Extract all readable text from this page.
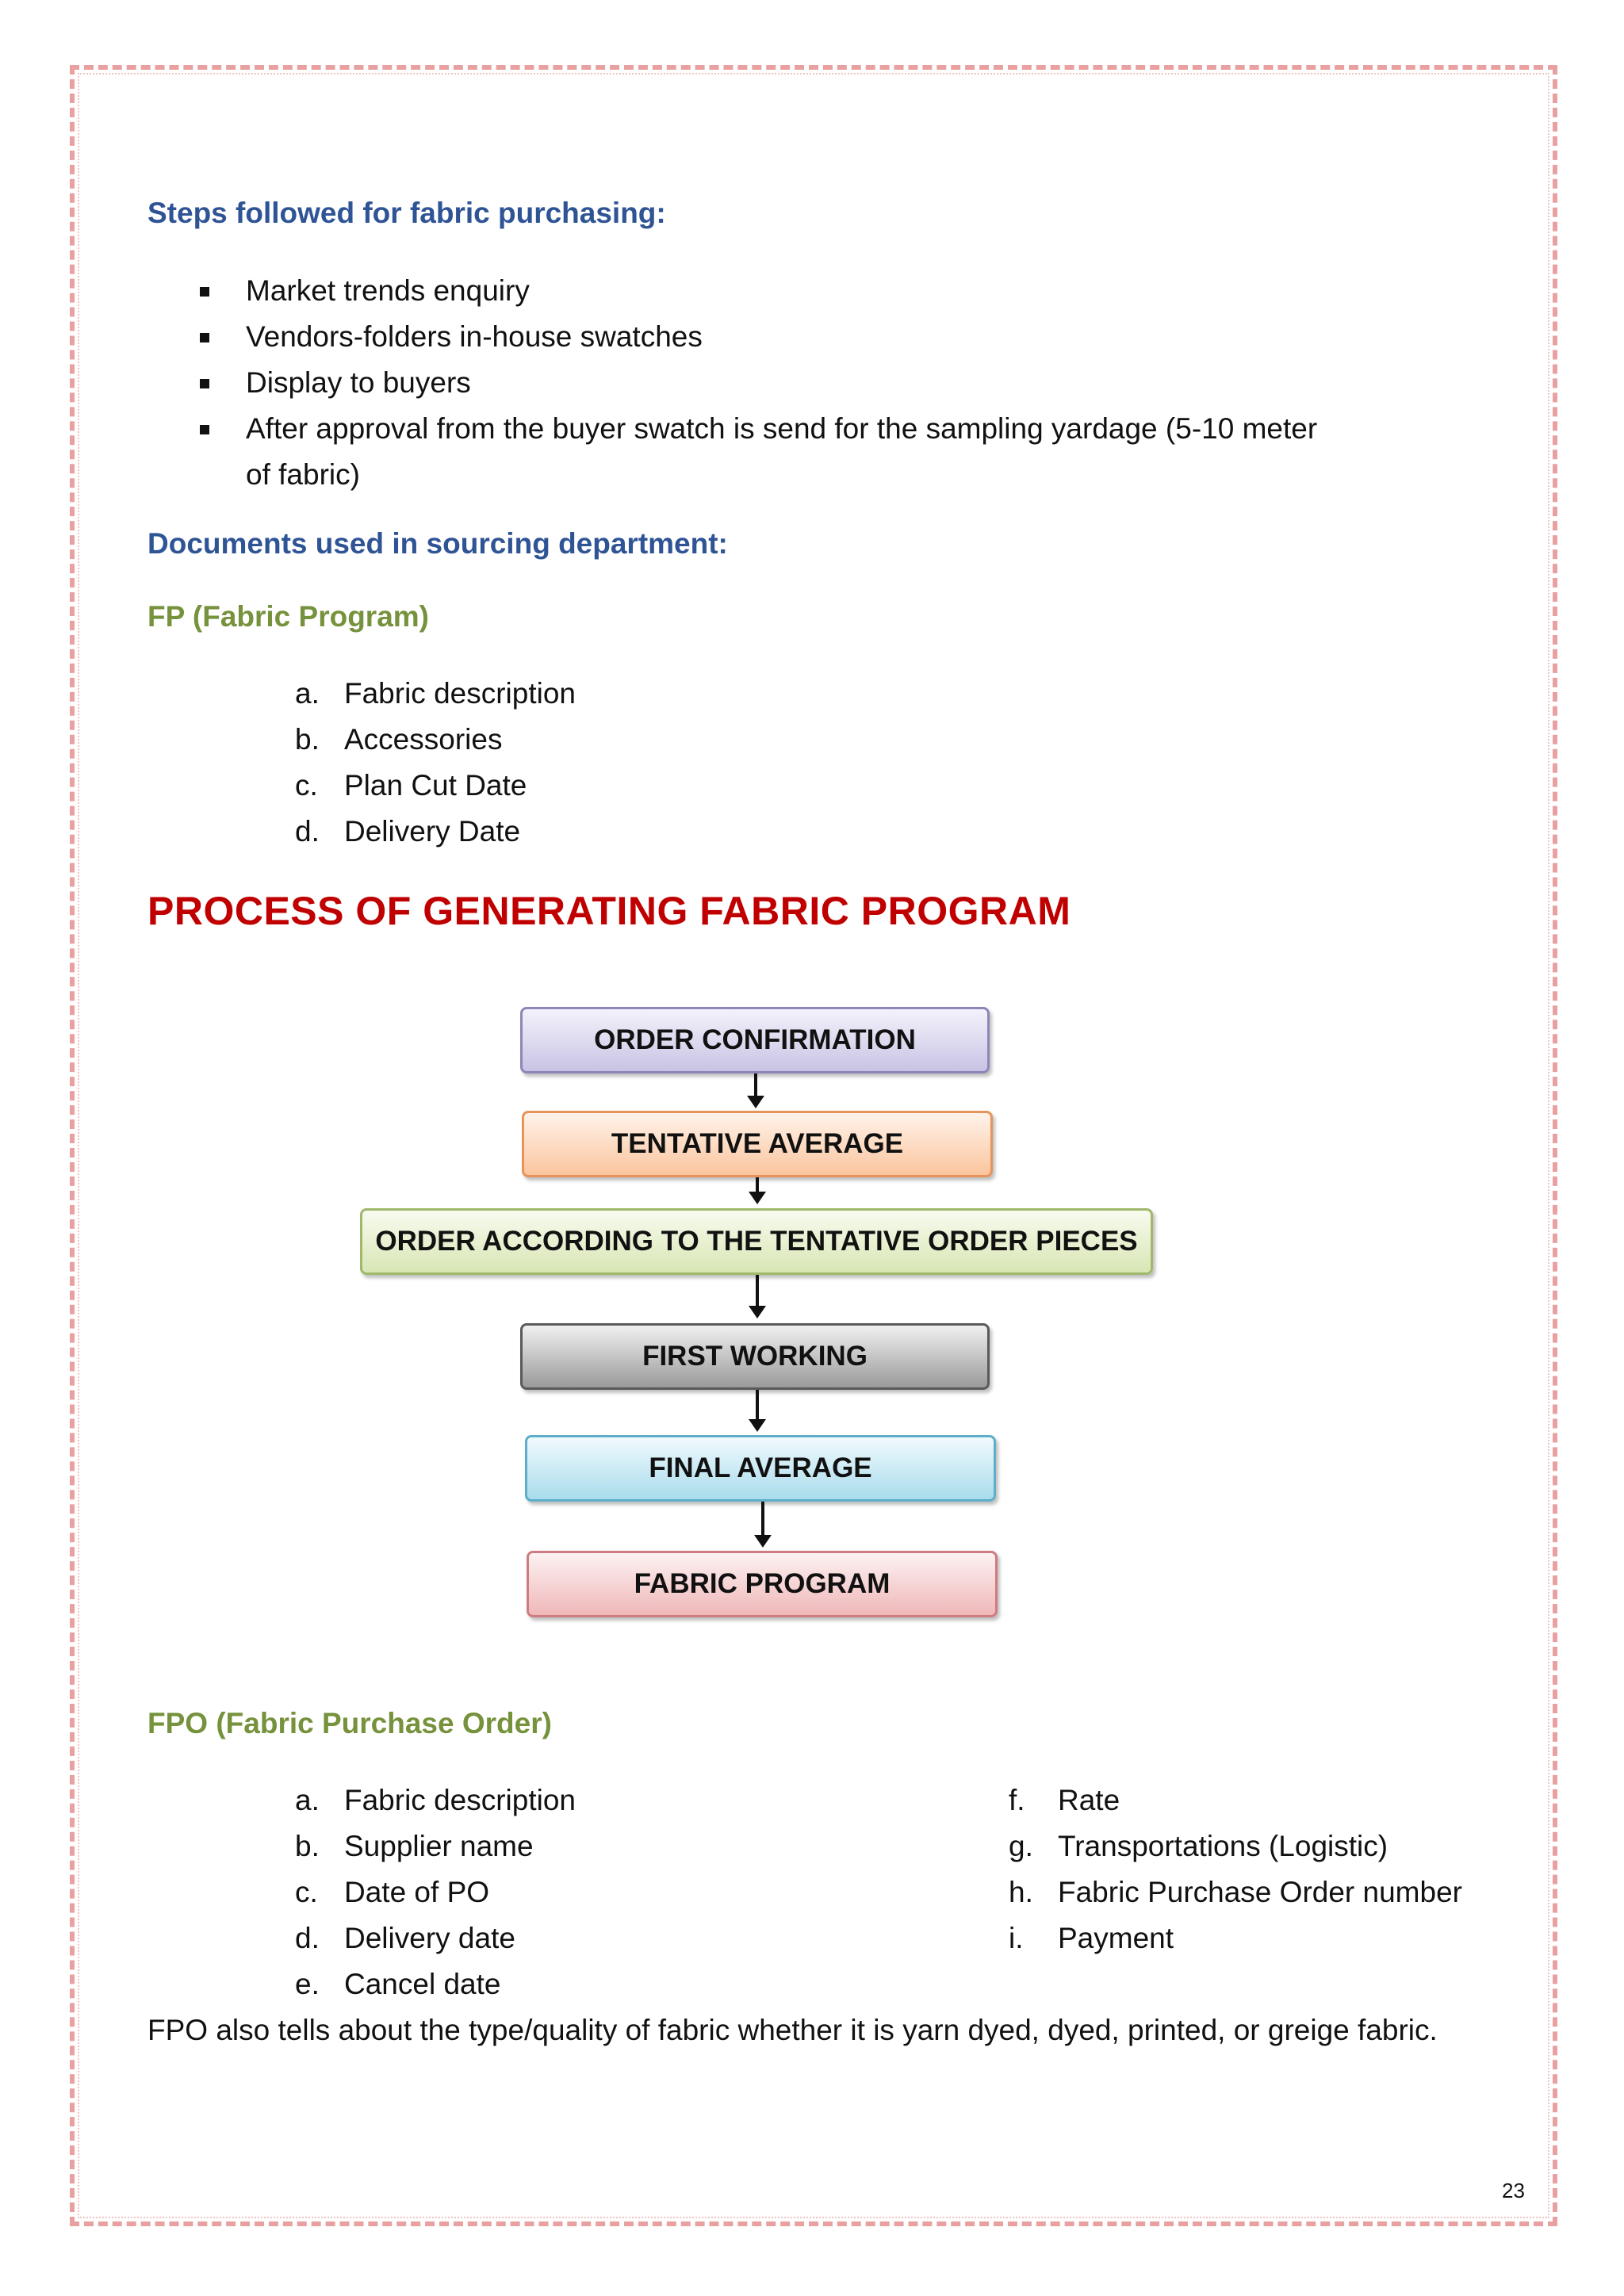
Steps followed for fabric purchasing:
Market trends enquiry
Vendors-folders in-house swatches
Display to buyers
After approval from the buyer swatch is send for the sampling yardage (5-10 meter of fabric)
Documents used in sourcing department:
FP (Fabric Program)
a. Fabric description
b. Accessories
c. Plan Cut Date
d. Delivery Date
PROCESS OF GENERATING FABRIC PROGRAM
ORDER CONFIRMATION
TENTATIVE AVERAGE
ORDER ACCORDING TO THE TENTATIVE ORDER PIECES
FIRST WORKING
FINAL AVERAGE
FABRIC PROGRAM
FPO (Fabric Purchase Order)
a. Fabric description
b. Supplier name
c. Date of PO
d. Delivery date
e. Cancel date
f. Rate
g. Transportations (Logistic)
h. Fabric Purchase Order number
i. Payment
FPO also tells about the type/quality of fabric whether it is yarn dyed, dyed, printed, or greige fabric.
23
